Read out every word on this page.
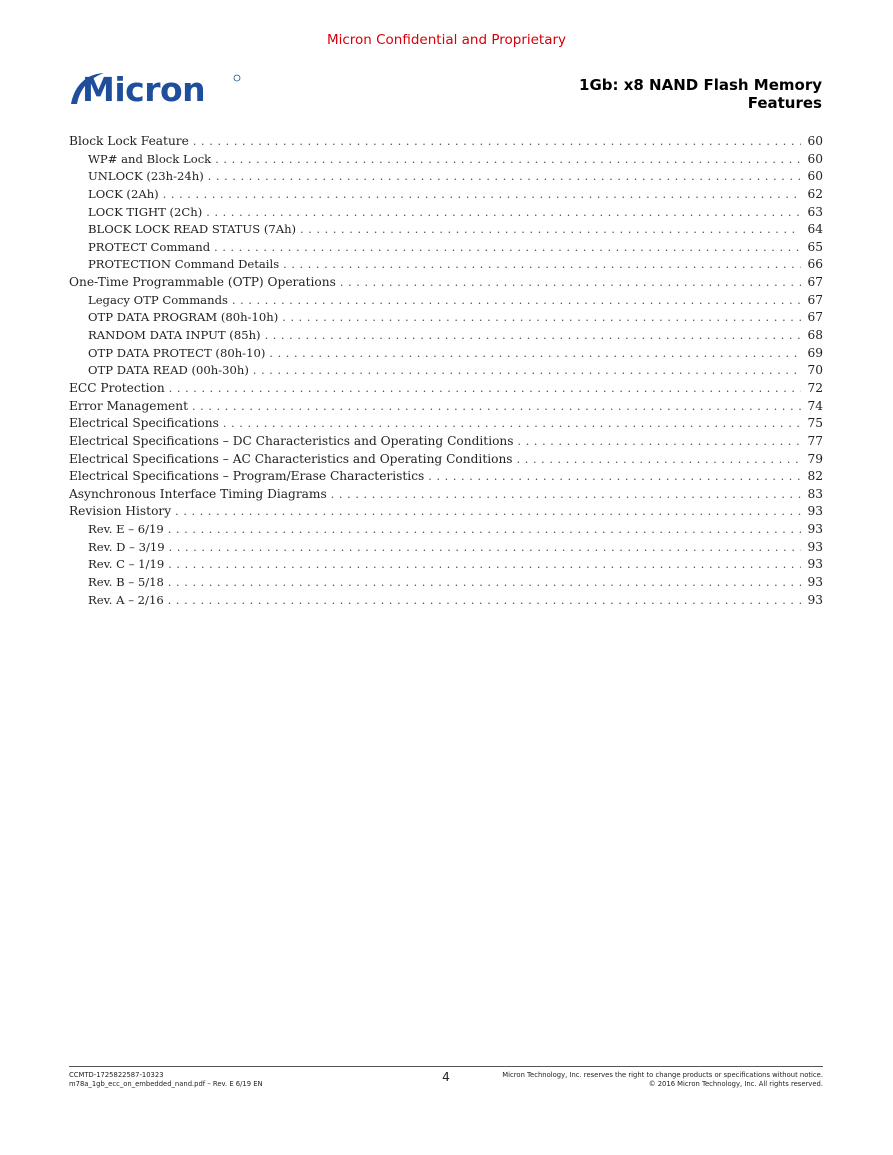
Micron Confidential and Proprietary
Micron	1Gb: x8 NAND Flash Memory
Features
Block Lock Feature . . .	60
WP# and Block Lock . . .	60
UNLOCK (23h-24h) . . .	60
LOCK (2Ah) . . .	62
LOCK TIGHT (2Ch) . . .	63
BLOCK LOCK READ STATUS (7Ah) . . .	64
PROTECT Command . . .	65
PROTECTION Command Details . . .	66
One-Time Programmable (OTP) Operations . . .	67
Legacy OTP Commands . . .	67
OTP DATA PROGRAM (80h-10h) . . .	67
RANDOM DATA INPUT (85h) . . .	68
OTP DATA PROTECT (80h-10) . . .	69
OTP DATA READ (00h-30h) . . .	70
ECC Protection . . .	72
Error Management . . .	74
Electrical Specifications . . .	75
Electrical Specifications – DC Characteristics and Operating Conditions . . .	77
Electrical Specifications – AC Characteristics and Operating Conditions . . .	79
Electrical Specifications – Program/Erase Characteristics . . .	82
Asynchronous Interface Timing Diagrams . . .	83
Revision History . . .	93
Rev. E – 6/19 . . .	93
Rev. D – 3/19 . . .	93
Rev. C – 1/19 . . .	93
Rev. B – 5/18 . . .	93
Rev. A – 2/16 . . .	93
CCMTD-1725822587-10323
m78a_1gb_ecc_on_embedded_nand.pdf – Rev. E 6/19 EN	4	Micron Technology, Inc. reserves the right to change products or specifications without notice.
© 2016 Micron Technology, Inc. All rights reserved.
